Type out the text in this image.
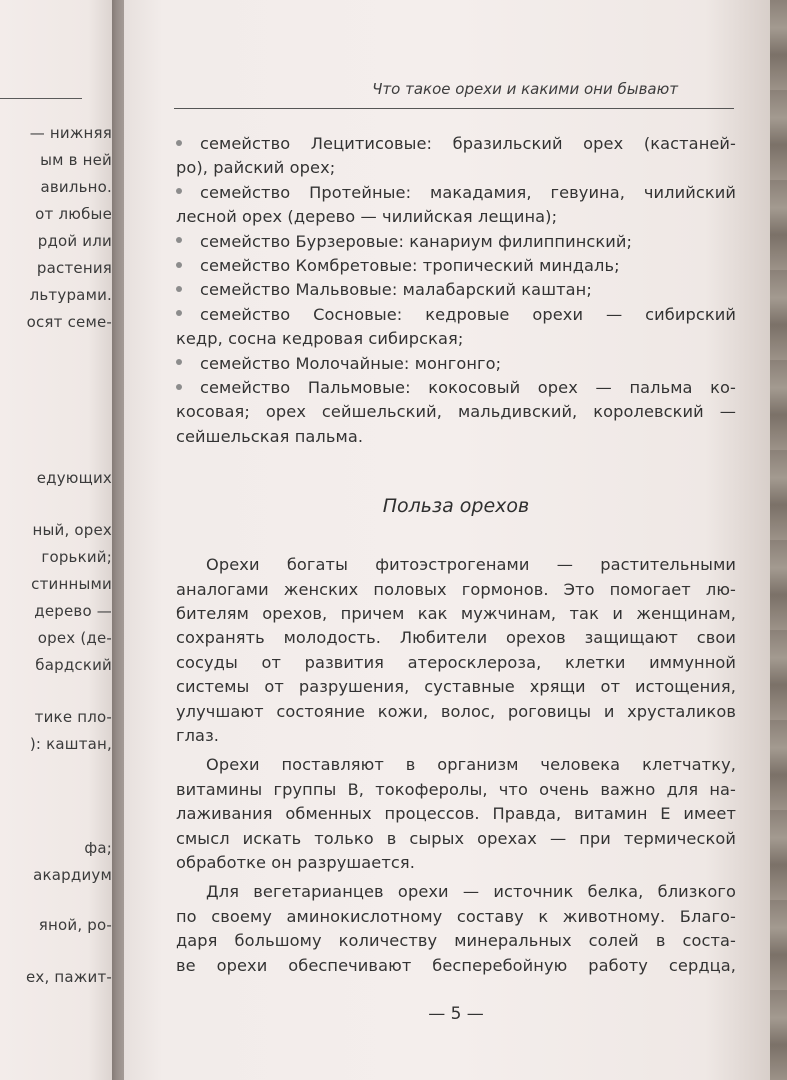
— нижняя
ым в ней
авильно.
от любые
рдой или
растения
льтурами.
осят семе-
едующих
ный, орех
горький;
стинными
дерево —
орех (де-
бардский
тике пло-
): каштан,
фа;
акардиум
яной, ро-
ех, пажит-
Что такое орехи и какими они бывают
семейство Лецитисовые: бразильский орех (кастаней-
ро), райский орех;
семейство Протейные: макадамия, гевуина, чилийский
лесной орех (дерево — чилийская лещина);
семейство Бурзеровые: канариум филиппинский;
семейство Комбретовые: тропический миндаль;
семейство Мальвовые: малабарский каштан;
семейство Сосновые: кедровые орехи — сибирский
кедр, сосна кедровая сибирская;
семейство Молочайные: монгонго;
семейство Пальмовые: кокосовый орех — пальма ко-
косовая; орех сейшельский, мальдивский, королевский —
сейшельская пальма.
Польза орехов
Орехи богаты фитоэстрогенами — растительными
аналогами женских половых гормонов. Это помогает лю-
бителям орехов, причем как мужчинам, так и женщинам,
сохранять молодость. Любители орехов защищают свои
сосуды от развития атеросклероза, клетки иммунной
системы от разрушения, суставные хрящи от истощения,
улучшают состояние кожи, волос, роговицы и хрусталиков
глаз.
Орехи поставляют в организм человека клетчатку,
витамины группы В, токоферолы, что очень важно для на-
лаживания обменных процессов. Правда, витамин Е имеет
смысл искать только в сырых орехах — при термической
обработке он разрушается.
Для вегетарианцев орехи — источник белка, близкого
по своему аминокислотному составу к животному. Благо-
даря большому количеству минеральных солей в соста-
ве орехи обеспечивают бесперебойную работу сердца,
— 5 —
